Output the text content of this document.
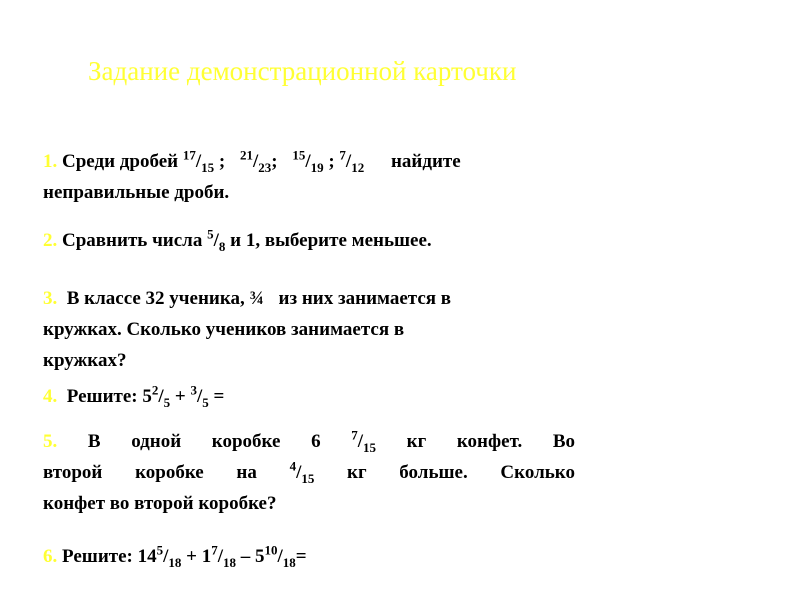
Задание демонстрационной карточки
1. Среди дробей $^{17}/_{15}$ ; $^{21}/_{23}$; $^{15}/_{19}$ ; $^7/_{12}$ найдите
неправильные дроби.
2. Сравнить числа $^5/_8$ и 1, выберите меньшее.
3. В классе 32 ученика, ¾ из них занимается в
кружках. Сколько учеников занимается в
кружках?
4. Решите: $5^2/_5 + ^3/_5$ =
5. В одной коробке 6 $^7/_{15}$ кг конфет. Во
второй коробке на	$^4/_{15}$ кг больше. Сколько
конфет во второй коробке?
6. Решите: $14^5/_{18} + 1^7/_{18} - 5^{10}/_{18}=$
